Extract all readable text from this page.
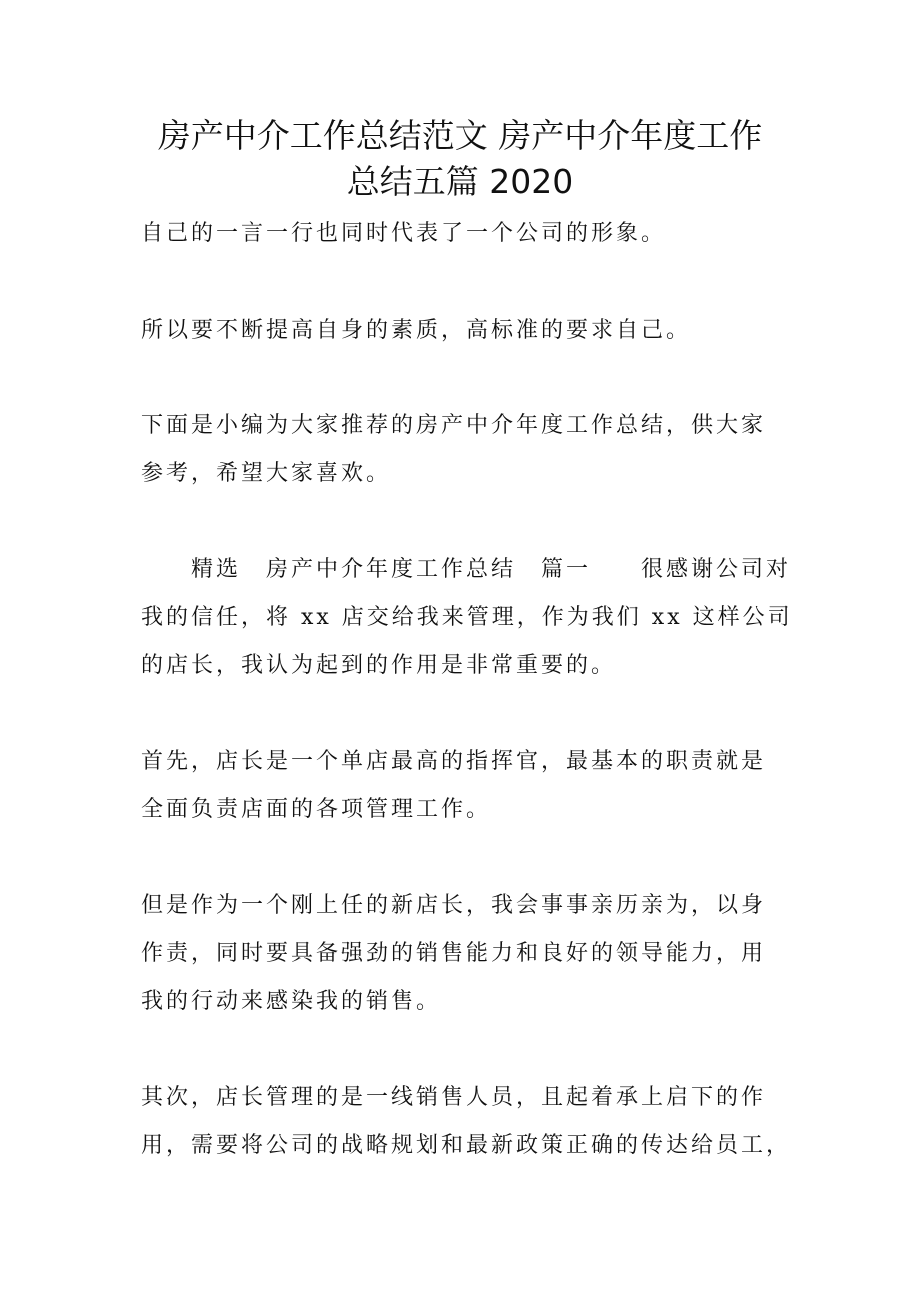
房产中介工作总结范文 房产中介年度工作
总结五篇 2020

自己的一言一行也同时代表了一个公司的形象。

所以要不断提高自身的素质，高标准的要求自己。

下面是小编为大家推荐的房产中介年度工作总结，供大家
参考，希望大家喜欢。

　　精选　房产中介年度工作总结　篇一　　很感谢公司对
我的信任，将 xx 店交给我来管理，作为我们 xx 这样公司
的店长，我认为起到的作用是非常重要的。

首先，店长是一个单店最高的指挥官，最基本的职责就是
全面负责店面的各项管理工作。

但是作为一个刚上任的新店长，我会事事亲历亲为，以身
作责，同时要具备强劲的销售能力和良好的领导能力，用
我的行动来感染我的销售。

其次，店长管理的是一线销售人员，且起着承上启下的作
用，需要将公司的战略规划和最新政策正确的传达给员工，
